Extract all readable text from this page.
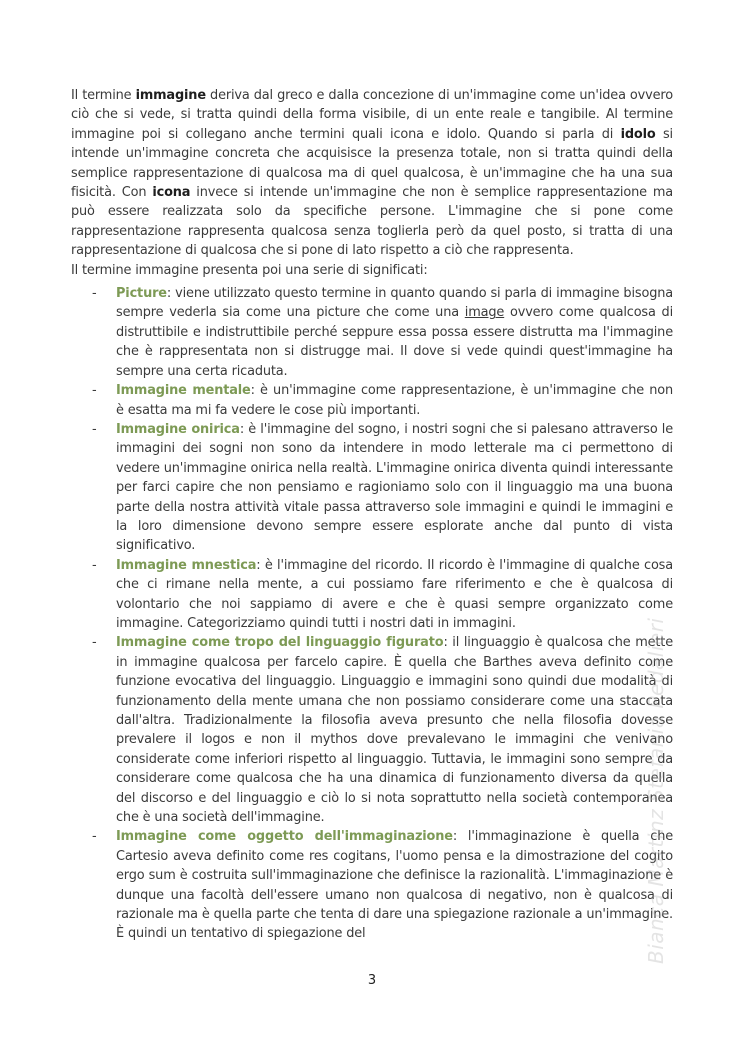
Il termine immagine deriva dal greco e dalla concezione di un'immagine come un'idea ovvero ciò che si vede, si tratta quindi della forma visibile, di un ente reale e tangibile. Al termine immagine poi si collegano anche termini quali icona e idolo. Quando si parla di idolo si intende un'immagine concreta che acquisisce la presenza totale, non si tratta quindi della semplice rappresentazione di qualcosa ma di quel qualcosa, è un'immagine che ha una sua fisicità. Con icona invece si intende un'immagine che non è semplice rappresentazione ma può essere realizzata solo da specifiche persone. L'immagine che si pone come rappresentazione rappresenta qualcosa senza toglierla però da quel posto, si tratta di una rappresentazione di qualcosa che si pone di lato rispetto a ciò che rappresenta.

Il termine immagine presenta poi una serie di significati:

- Picture: viene utilizzato questo termine in quanto quando si parla di immagine bisogna sempre vederla sia come una picture che come una image ovvero come qualcosa di distruttibile e indistruttibile perché seppure essa possa essere distrutta ma l'immagine che è rappresentata non si distrugge mai. Il dove si vede quindi quest'immagine ha sempre una certa ricaduta.
- Immagine mentale: è un'immagine come rappresentazione, è un'immagine che non è esatta ma mi fa vedere le cose più importanti.
- Immagine onirica: è l'immagine del sogno, i nostri sogni che si palesano attraverso le immagini dei sogni non sono da intendere in modo letterale ma ci permettono di vedere un'immagine onirica nella realtà. L'immagine onirica diventa quindi interessante per farci capire che non pensiamo e ragioniamo solo con il linguaggio ma una buona parte della nostra attività vitale passa attraverso sole immagini e quindi le immagini e la loro dimensione devono sempre essere esplorate anche dal punto di vista significativo.
- Immagine mnestica: è l'immagine del ricordo. Il ricordo è l'immagine di qualche cosa che ci rimane nella mente, a cui possiamo fare riferimento e che è qualcosa di volontario che noi sappiamo di avere e che è quasi sempre organizzato come immagine. Categorizziamo quindi tutti i nostri dati in immagini.
- Immagine come tropo del linguaggio figurato: il linguaggio è qualcosa che mette in immagine qualcosa per farcelo capire. È quella che Barthes aveva definito come funzione evocativa del linguaggio. Linguaggio e immagini sono quindi due modalità di funzionamento della mente umana che non possiamo considerare come una staccata dall'altra. Tradizionalmente la filosofia aveva presunto che nella filosofia dovesse prevalere il logos e non il mythos dove prevalevano le immagini che venivano considerate come inferiori rispetto al linguaggio. Tuttavia, le immagini sono sempre da considerare come qualcosa che ha una dinamica di funzionamento diversa da quella del discorso e del linguaggio e ciò lo si nota soprattutto nella società contemporanea che è una società dell'immagine.
- Immagine come oggetto dell'immaginazione: l'immaginazione è quella che Cartesio aveva definito come res cogitans, l'uomo pensa e la dimostrazione del cogito ergo sum è costruita sull'immaginazione che definisce la razionalità. L'immaginazione è dunque una facoltà dell'essere umano non qualcosa di negativo, non è qualcosa di razionale ma è quella parte che tenta di dare una spiegazione razionale a un'immagine. È quindi un tentativo di spiegazione del	Bianca Martinz Stefania Pedalieri
3
